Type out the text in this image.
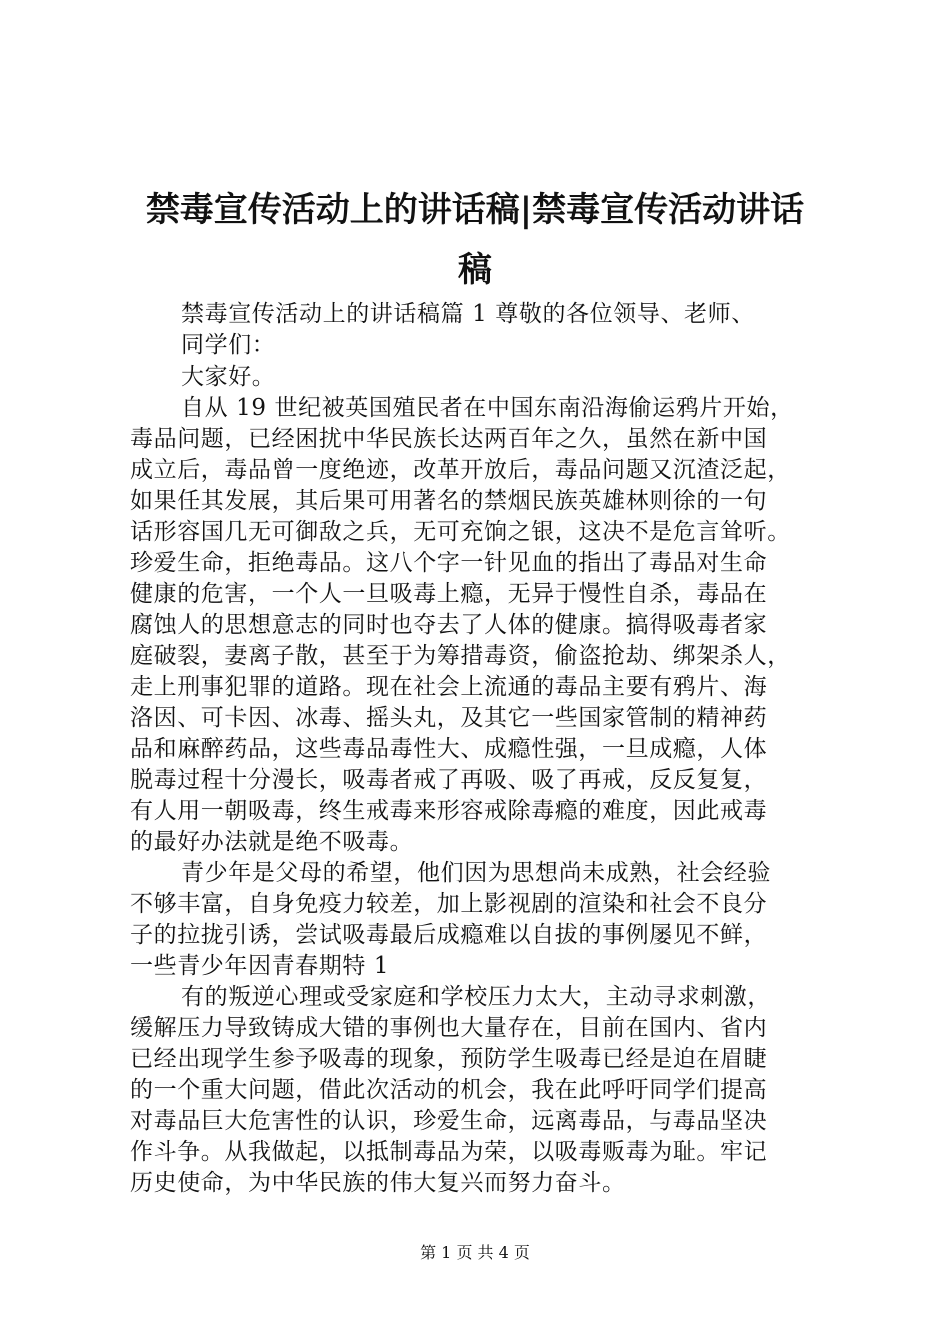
禁毒宣传活动上的讲话稿|禁毒宣传活动讲话
稿
禁毒宣传活动上的讲话稿篇 1 尊敬的各位领导、老师、
同学们：
大家好。
自从 19 世纪被英国殖民者在中国东南沿海偷运鸦片开始，
毒品问题，已经困扰中华民族长达两百年之久，虽然在新中国
成立后，毒品曾一度绝迹，改革开放后，毒品问题又沉渣泛起，
如果任其发展，其后果可用著名的禁烟民族英雄林则徐的一句
话形容国几无可御敌之兵，无可充饷之银，这决不是危言耸听。
珍爱生命，拒绝毒品。这八个字一针见血的指出了毒品对生命
健康的危害，一个人一旦吸毒上瘾，无异于慢性自杀，毒品在
腐蚀人的思想意志的同时也夺去了人体的健康。搞得吸毒者家
庭破裂，妻离子散，甚至于为筹措毒资，偷盗抢劫、绑架杀人，
走上刑事犯罪的道路。现在社会上流通的毒品主要有鸦片、海
洛因、可卡因、冰毒、摇头丸，及其它一些国家管制的精神药
品和麻醉药品，这些毒品毒性大、成瘾性强，一旦成瘾，人体
脱毒过程十分漫长，吸毒者戒了再吸、吸了再戒，反反复复，
有人用一朝吸毒，终生戒毒来形容戒除毒瘾的难度，因此戒毒
的最好办法就是绝不吸毒。
青少年是父母的希望，他们因为思想尚未成熟，社会经验
不够丰富，自身免疫力较差，加上影视剧的渲染和社会不良分
子的拉拢引诱，尝试吸毒最后成瘾难以自拔的事例屡见不鲜，
一些青少年因青春期特 1
有的叛逆心理或受家庭和学校压力太大，主动寻求刺激，
缓解压力导致铸成大错的事例也大量存在，目前在国内、省内
已经出现学生参予吸毒的现象，预防学生吸毒已经是迫在眉睫
的一个重大问题，借此次活动的机会，我在此呼吁同学们提高
对毒品巨大危害性的认识，珍爱生命，远离毒品，与毒品坚决
作斗争。从我做起，以抵制毒品为荣，以吸毒贩毒为耻。牢记
历史使命，为中华民族的伟大复兴而努力奋斗。
第 1 页 共 4 页
